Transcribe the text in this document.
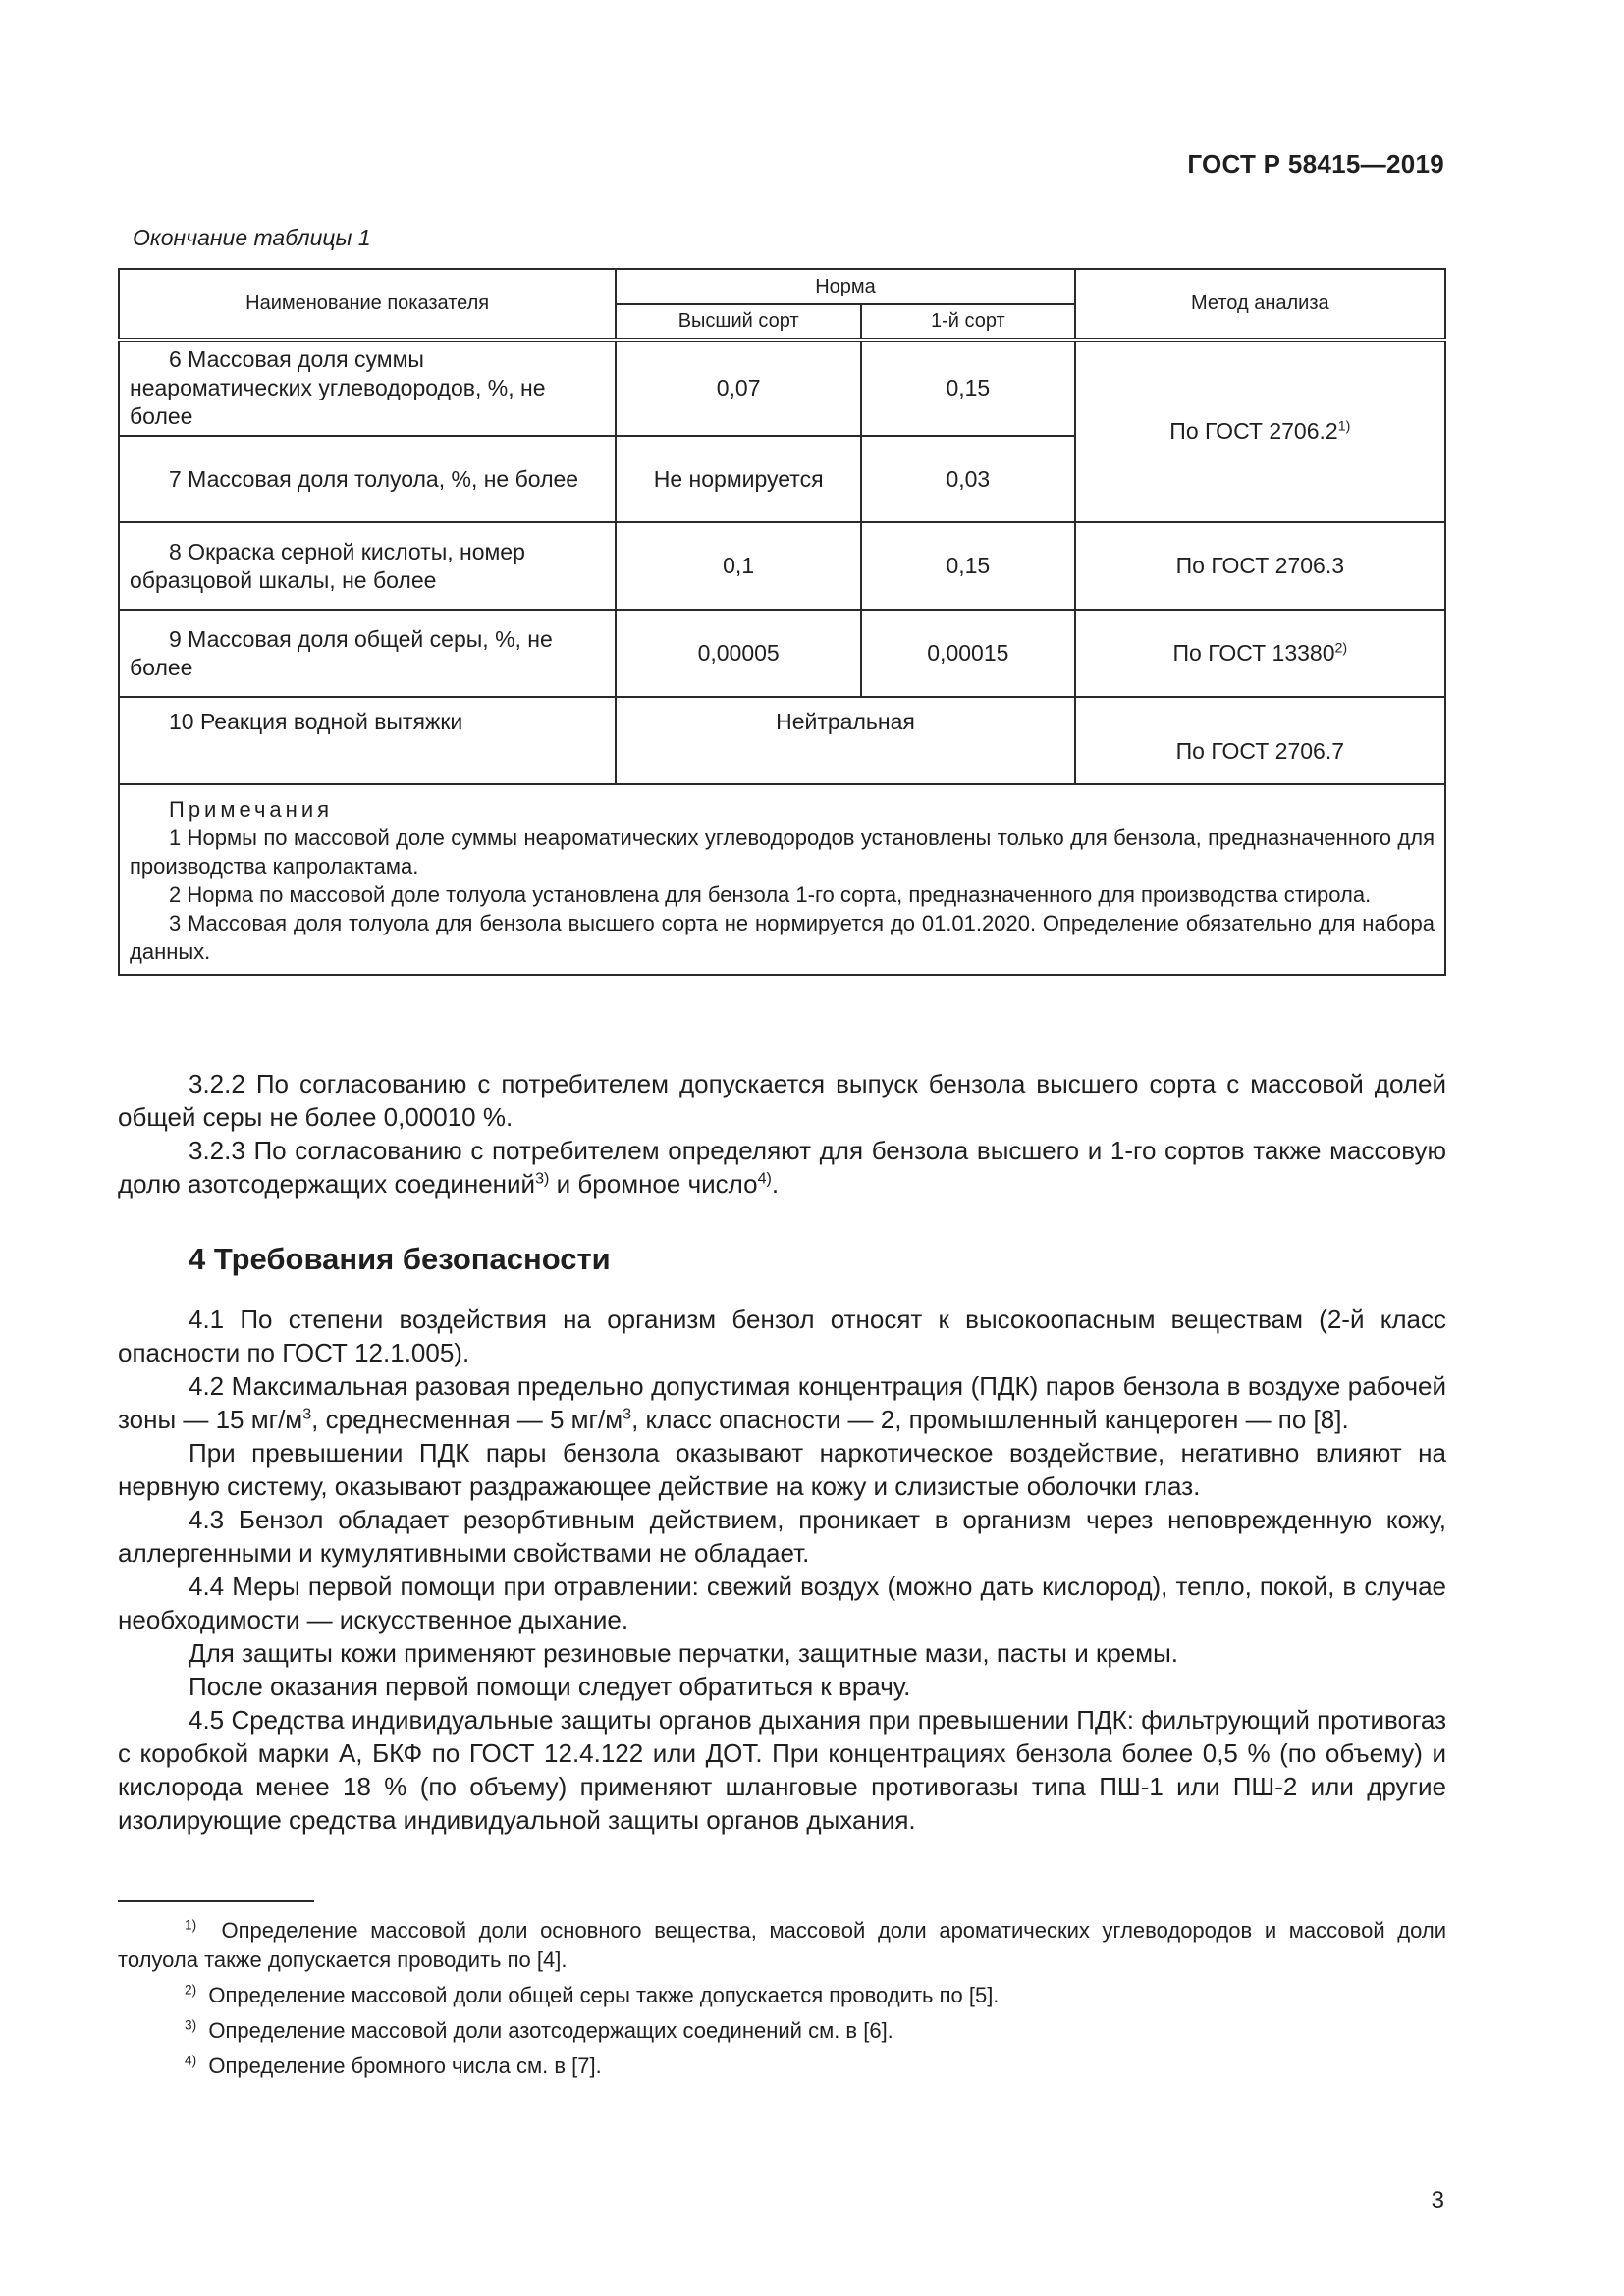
ГОСТ Р 58415—2019
Окончание таблицы 1
Наименование показателя	Норма		Метод анализа
	Высший сорт	1-й сорт	
6 Массовая доля суммы неароматических углеводородов, %, не более	0,07	0,15	По ГОСТ 2706.2$^{1)}$
7 Массовая доля толуола, %, не более	Не нормируется	0,03	
8 Окраска серной кислоты, номер образцовой шкалы, не более	0,1	0,15	По ГОСТ 2706.3
9 Массовая доля общей серы, %, не более	0,00005	0,00015	По ГОСТ 13380$^{2)}$
10 Реакция водной вытяжки	Нейтральная		По ГОСТ 2706.7

Примечания

1 Нормы по массовой доле суммы неароматических углеводородов установлены только для бензола, предназначенного для производства капролактама.

2 Норма по массовой доле толуола установлена для бензола 1-го сорта, предназначенного для производства стирола.

3 Массовая доля толуола для бензола высшего сорта не нормируется до 01.01.2020. Определение обязательно для набора данных.			

3.2.2 По согласованию с потребителем допускается выпуск бензола высшего сорта с массовой долей общей серы не более 0,00010 %.

3.2.3 По согласованию с потребителем определяют для бензола высшего и 1-го сортов также массовую долю азотсодержащих соединений$^{3)}$ и бромное число$^{4)}$.

4 Требования безопасности

4.1 По степени воздействия на организм бензол относят к высокоопасным веществам (2-й класс опасности по ГОСТ 12.1.005).

4.2 Максимальная разовая предельно допустимая концентрация (ПДК) паров бензола в воздухе рабочей зоны — 15 $мг/м^3$, среднесменная — 5 $мг/м^3$, класс опасности — 2, промышленный канцероген — по [8].

При превышении ПДК пары бензола оказывают наркотическое воздействие, негативно влияют на нервную систему, оказывают раздражающее действие на кожу и слизистые оболочки глаз.

4.3 Бензол обладает резорбтивным действием, проникает в организм через неповрежденную кожу, аллергенными и кумулятивными свойствами не обладает.

4.4 Меры первой помощи при отравлении: свежий воздух (можно дать кислород), тепло, покой, в случае необходимости — искусственное дыхание.

Для защиты кожи применяют резиновые перчатки, защитные мази, пасты и кремы.

После оказания первой помощи следует обратиться к врачу.

4.5 Средства индивидуальные защиты органов дыхания при превышении ПДК: фильтрующий противогаз с коробкой марки А, БКФ по ГОСТ 12.4.122 или ДОТ. При концентрациях бензола более 0,5 % (по объему) и кислорода менее 18 % (по объему) применяют шланговые противогазы типа ПШ-1 или ПШ-2 или другие изолирующие средства индивидуальной защиты органов дыхания.

$^{1)}$ Определение массовой доли основного вещества, массовой доли ароматических углеводородов и массовой доли толуола также допускается проводить по [4].

$^{2)}$ Определение массовой доли общей серы также допускается проводить по [5].

$^{3)}$ Определение массовой доли азотсодержащих соединений см. в [6].

$^{4)}$ Определение бромного числа см. в [7].

3
